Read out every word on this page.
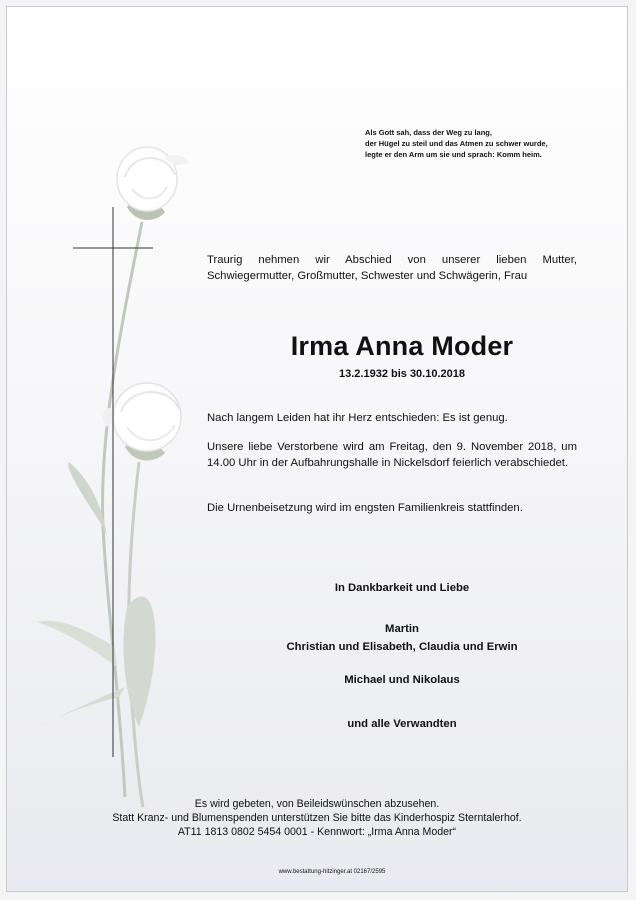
Als Gott sah, dass der Weg zu lang,
der Hügel zu steil und das Atmen zu schwer wurde,
legte er den Arm um sie und sprach: Komm heim.
Traurig nehmen wir Abschied von unserer lieben Mutter, Schwiegermutter, Großmutter, Schwester und Schwägerin, Frau
Irma Anna Moder
13.2.1932 bis 30.10.2018
Nach langem Leiden hat ihr Herz entschieden: Es ist genug.
Unsere liebe Verstorbene wird am Freitag, den 9. November 2018, um 14.00 Uhr in der Aufbahrungshalle in Nickelsdorf feierlich verabschiedet.
Die Urnenbeisetzung wird im engsten Familienkreis stattfinden.
In Dankbarkeit und Liebe
Martin
Christian und Elisabeth, Claudia und Erwin
Michael und Nikolaus
und alle Verwandten
Es wird gebeten, von Beileidswünschen abzusehen.
Statt Kranz- und Blumenspenden unterstützen Sie bitte das Kinderhospiz Sterntalerhof.
AT11 1813 0802 5454 0001 - Kennwort: „Irma Anna Moder“
www.bestattung-hitzinger.at 02167/2595
